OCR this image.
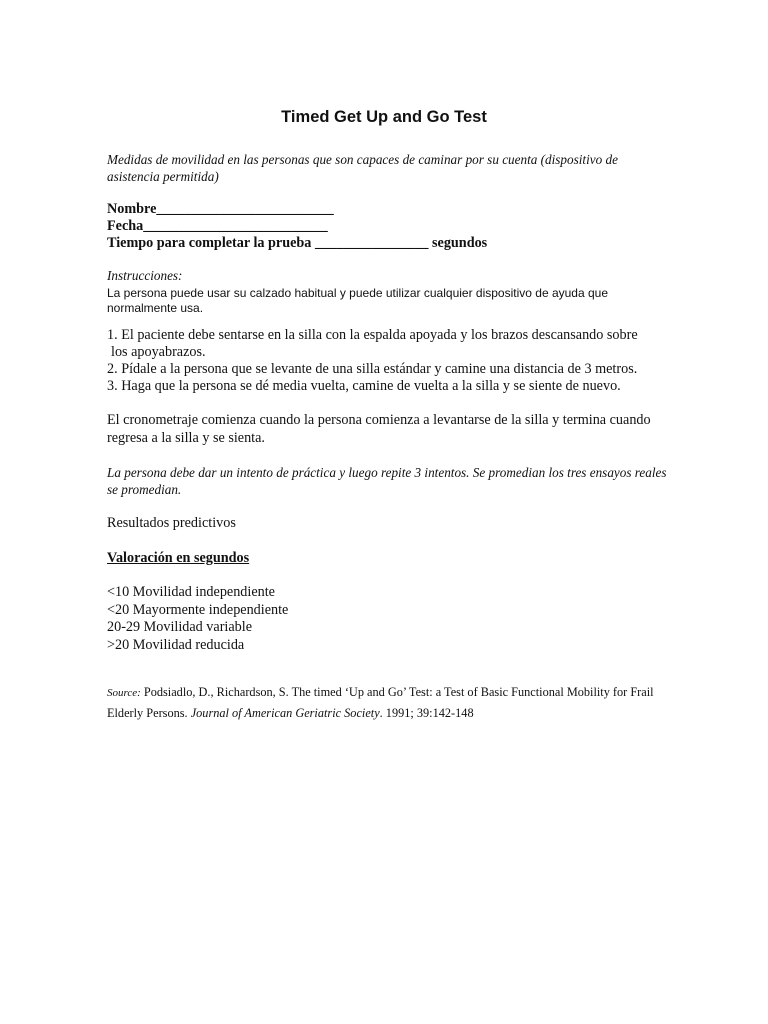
Timed Get Up and Go Test
Medidas de movilidad en las personas que son capaces de caminar por su cuenta (dispositivo de asistencia permitida)
Nombre_________________________
Fecha__________________________
Tiempo para completar la prueba ________________ segundos
Instrucciones:
La persona puede usar su calzado habitual y puede utilizar cualquier dispositivo de ayuda que normalmente usa.
1. El paciente debe sentarse en la silla con la espalda apoyada y los brazos descansando sobre
los apoyabrazos.
2. Pídale a la persona que se levante de una silla estándar y camine una distancia de 3 metros.
3. Haga que la persona se dé media vuelta, camine de vuelta a la silla y se siente de nuevo.
El cronometraje comienza cuando la persona comienza a levantarse de la silla y termina cuando regresa a la silla y se sienta.
La persona debe dar un intento de práctica y luego repite 3 intentos. Se promedian los tres ensayos reales se promedian.
Resultados predictivos
Valoración en segundos
<10 Movilidad independiente
<20 Mayormente independiente
20-29 Movilidad variable
>20 Movilidad reducida
Source: Podsiadlo, D., Richardson, S. The timed ‘Up and Go’ Test: a Test of Basic Functional Mobility for Frail Elderly Persons. Journal of American Geriatric Society. 1991; 39:142-148
